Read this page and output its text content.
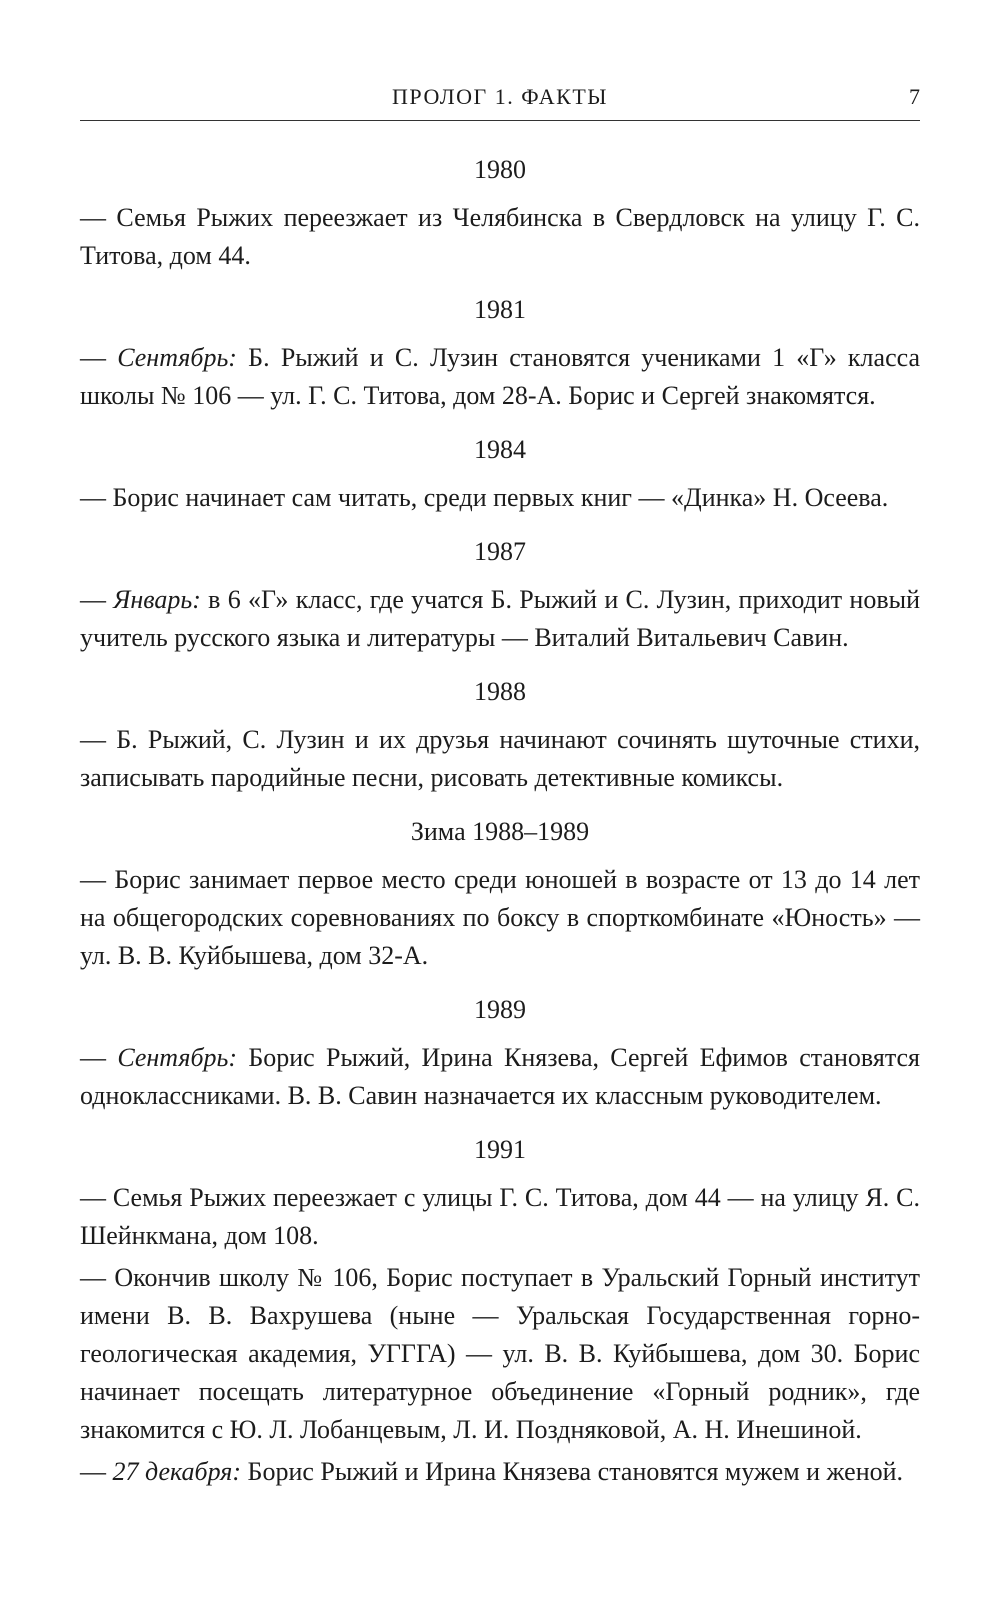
ПРОЛОГ 1. ФАКТЫ	7
1980

— Семья Рыжих переезжает из Челябинска в Свердловск на улицу Г. С. Титова, дом 44.

1981

— Сентябрь: Б. Рыжий и С. Лузин становятся учениками 1 «Г» класса школы № 106 — ул. Г. С. Титова, дом 28-А. Борис и Сергей знакомятся.

1984

— Борис начинает сам читать, среди первых книг — «Динка» Н. Осеева.

1987

— Январь: в 6 «Г» класс, где учатся Б. Рыжий и С. Лузин, приходит новый учитель русского языка и литературы — Виталий Витальевич Савин.

1988

— Б. Рыжий, С. Лузин и их друзья начинают сочинять шуточные стихи, записывать пародийные песни, рисовать детективные комиксы.

Зима 1988–1989

— Борис занимает первое место среди юношей в возрасте от 13 до 14 лет на общегородских соревнованиях по боксу в спорткомбинате «Юность» — ул. В. В. Куйбышева, дом 32-А.

1989

— Сентябрь: Борис Рыжий, Ирина Князева, Сергей Ефимов становятся одноклассниками. В. В. Савин назначается их классным руководителем.

1991

— Семья Рыжих переезжает с улицы Г. С. Титова, дом 44 — на улицу Я. С. Шейнкмана, дом 108.

— Окончив школу № 106, Борис поступает в Уральский Горный институт имени В. В. Вахрушева (ныне — Уральская Государственная горно-геологическая академия, УГГГА) — ул. В. В. Куйбышева, дом 30. Борис начинает посещать литературное объединение «Горный родник», где знакомится с Ю. Л. Лобанцевым, Л. И. Поздняковой, А. Н. Инешиной.

— 27 декабря: Борис Рыжий и Ирина Князева становятся мужем и женой.
